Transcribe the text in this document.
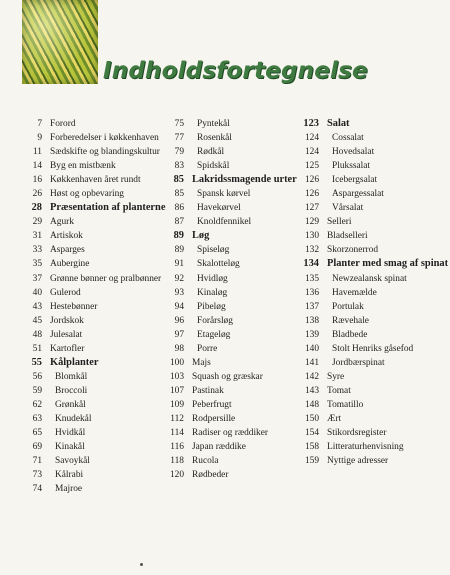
Indholdsfortegnelse
7 Forord
9 Forberedelser i køkkenhaven
11 Sædskifte og blandingskultur
14 Byg en mistbænk
16 Køkkenhaven året rundt
26 Høst og opbevaring
28 Præsentation af planterne
29 Agurk
31 Artiskok
33 Asparges
35 Aubergine
37 Grønne bønner og pralbønner
40 Gulerod
43 Hestebønner
45 Jordskok
48 Julesalat
51 Kartofler
55 Kålplanter
56	Blomkål
59	Broccoli
62	Grønkål
63	Knudekål
65	Hvidkål
69	Kinakål
71	Savoykål
73	Kålrabi
74	Majroe
75	Pyntekål
77	Rosenkål
79	Rødkål
83	Spidskål
85 Lakridssmagende urter
85	Spansk kørvel
86	Havekørvel
87	Knoldfennikel
89 Løg
89	Spiseløg
91	Skalotteløg
92	Hvidløg
93	Kinaløg
94	Pibeløg
96	Forårsløg
97	Etageløg
98	Porre
100 Majs
103 Squash og græskar
107 Pastinak
109 Peberfrugt
112 Rodpersille
114 Radiser og ræddiker
116 Japan ræddike
118 Rucola
120 Rødbeder
123 Salat
124	Cossalat
124	Hovedsalat
125	Plukssalat
126	Icebergsalat
126	Aspargessalat
127	Vårsalat
129 Selleri
130 Bladselleri
132 Skorzonerrod
134 Planter med smag af spinat
135	Newzealansk spinat
136	Havemælde
137	Portulak
138	Rævehale
139	Bladbede
140	Stolt Henriks gåsefod
141	Jordbærspinat
142 Syre
143 Tomat
148 Tomatillo
150 Ært
154 Stikordsregister
158 Litteraturhenvisning
159 Nyttige adresser
